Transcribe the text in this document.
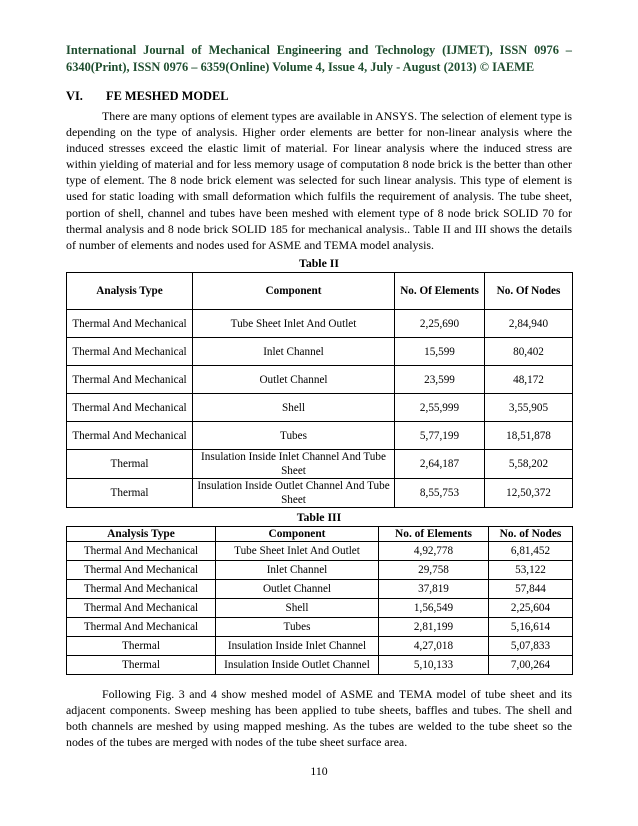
International Journal of Mechanical Engineering and Technology (IJMET), ISSN 0976 – 6340(Print), ISSN 0976 – 6359(Online) Volume 4, Issue 4, July - August (2013) © IAEME
VI. FE MESHED MODEL

There are many options of element types are available in ANSYS. The selection of element type is depending on the type of analysis. Higher order elements are better for non-linear analysis where the induced stresses exceed the elastic limit of material. For linear analysis where the induced stress are within yielding of material and for less memory usage of computation 8 node brick is the better than other type of element. The 8 node brick element was selected for such linear analysis. This type of element is used for static loading with small deformation which fulfils the requirement of analysis. The tube sheet, portion of shell, channel and tubes have been meshed with element type of 8 node brick SOLID 70 for thermal analysis and 8 node brick SOLID 185 for mechanical analysis.. Table II and III shows the details of number of elements and nodes used for ASME and TEMA model analysis.

Table II
Analysis Type	Component	No. Of Elements	No. Of Nodes
Thermal And Mechanical	Tube Sheet Inlet And Outlet	2,25,690	2,84,940
Thermal And Mechanical	Inlet Channel	15,599	80,402
Thermal And Mechanical	Outlet Channel	23,599	48,172
Thermal And Mechanical	Shell	2,55,999	3,55,905
Thermal And Mechanical	Tubes	5,77,199	18,51,878
Thermal	Insulation Inside Inlet Channel And Tube Sheet	2,64,187	5,58,202
Thermal	Insulation Inside Outlet Channel And Tube Sheet	8,55,753	12,50,372
Table III
Analysis Type	Component	No. of Elements	No. of Nodes
Thermal And Mechanical	Tube Sheet Inlet And Outlet	4,92,778	6,81,452
Thermal And Mechanical	Inlet Channel	29,758	53,122
Thermal And Mechanical	Outlet Channel	37,819	57,844
Thermal And Mechanical	Shell	1,56,549	2,25,604
Thermal And Mechanical	Tubes	2,81,199	5,16,614
Thermal	Insulation Inside Inlet Channel	4,27,018	5,07,833
Thermal	Insulation Inside Outlet Channel	5,10,133	7,00,264

Following Fig. 3 and 4 show meshed model of ASME and TEMA model of tube sheet and its adjacent components. Sweep meshing has been applied to tube sheets, baffles and tubes. The shell and both channels are meshed by using mapped meshing. As the tubes are welded to the tube sheet so the nodes of the tubes are merged with nodes of the tube sheet surface area.

110
